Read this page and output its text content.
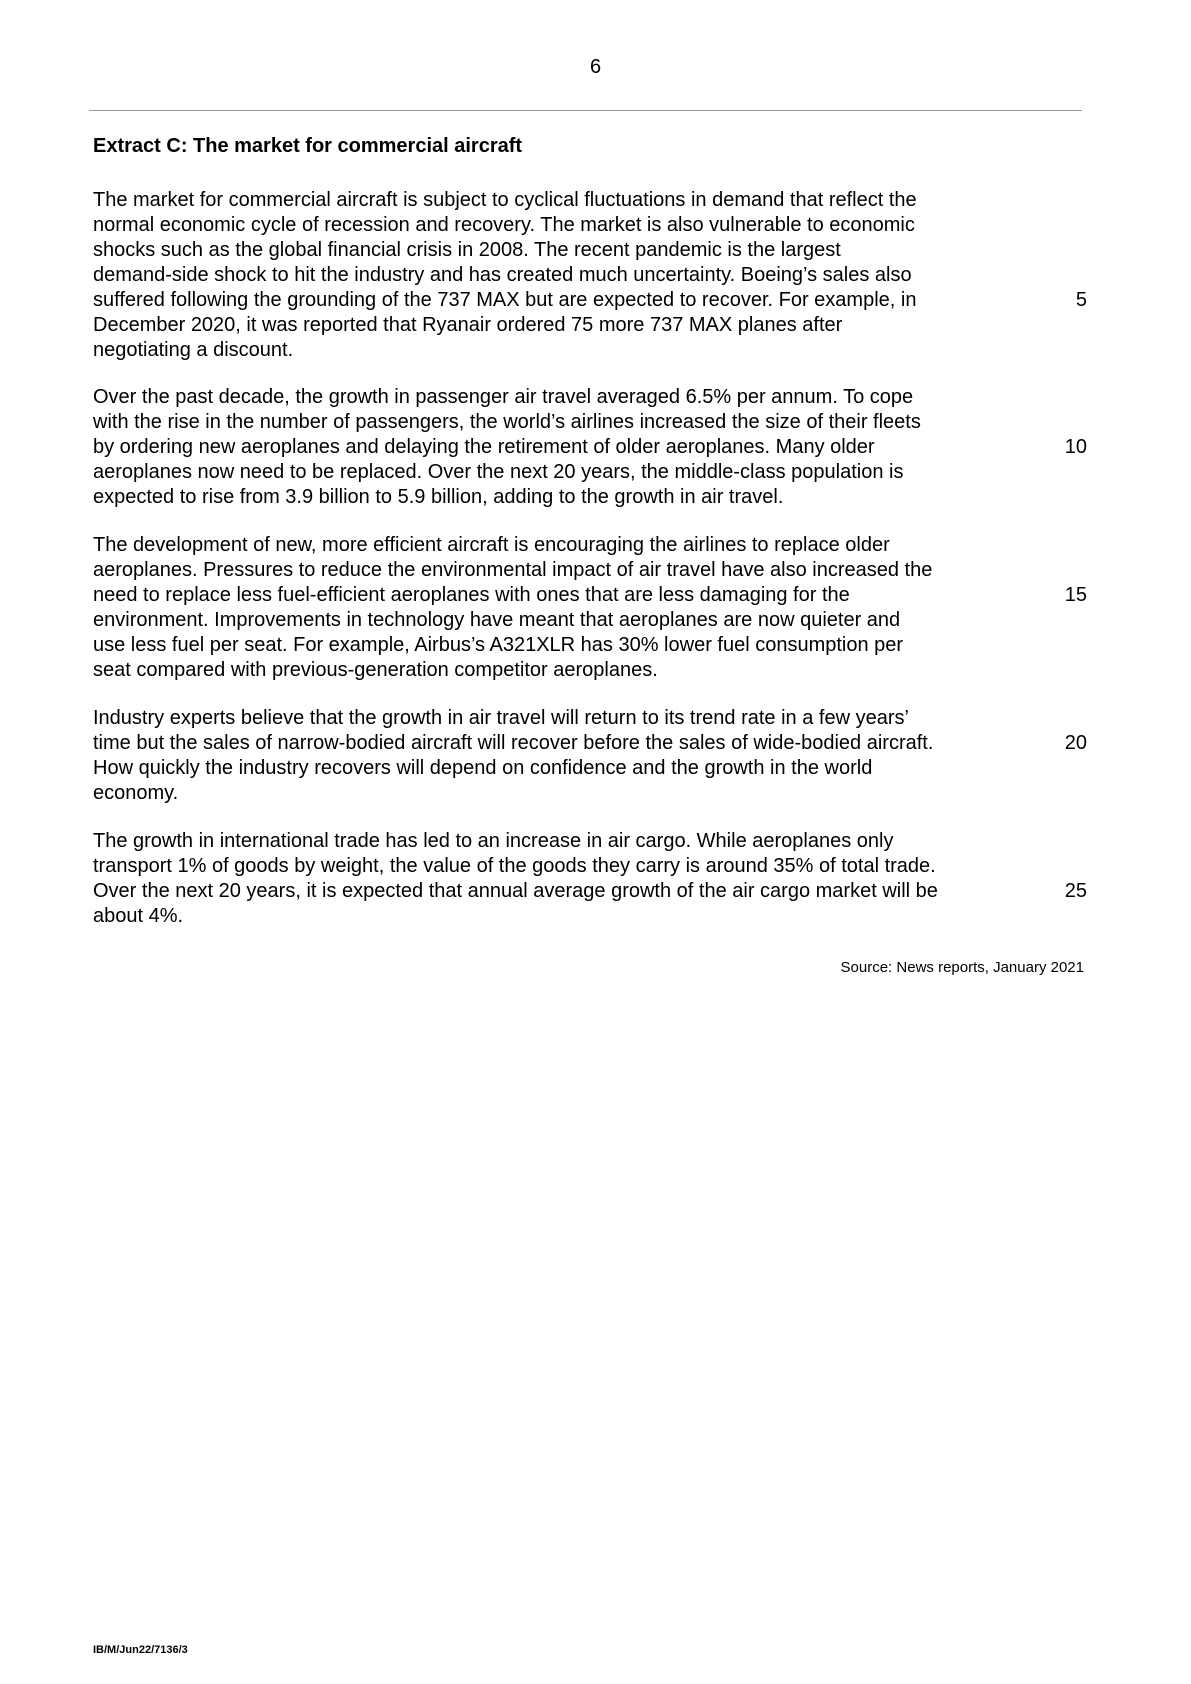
6
Extract C: The market for commercial aircraft
The market for commercial aircraft is subject to cyclical fluctuations in demand that reflect the
normal economic cycle of recession and recovery. The market is also vulnerable to economic
shocks such as the global financial crisis in 2008. The recent pandemic is the largest
demand-side shock to hit the industry and has created much uncertainty. Boeing’s sales also
suffered following the grounding of the 737 MAX but are expected to recover. For example, in	5
December 2020, it was reported that Ryanair ordered 75 more 737 MAX planes after
negotiating a discount.
Over the past decade, the growth in passenger air travel averaged 6.5% per annum. To cope
with the rise in the number of passengers, the world’s airlines increased the size of their fleets
by ordering new aeroplanes and delaying the retirement of older aeroplanes. Many older	10
aeroplanes now need to be replaced. Over the next 20 years, the middle-class population is
expected to rise from 3.9 billion to 5.9 billion, adding to the growth in air travel.
The development of new, more efficient aircraft is encouraging the airlines to replace older
aeroplanes. Pressures to reduce the environmental impact of air travel have also increased the
need to replace less fuel-efficient aeroplanes with ones that are less damaging for the	15
environment. Improvements in technology have meant that aeroplanes are now quieter and
use less fuel per seat. For example, Airbus’s A321XLR has 30% lower fuel consumption per
seat compared with previous-generation competitor aeroplanes.
Industry experts believe that the growth in air travel will return to its trend rate in a few years’
time but the sales of narrow-bodied aircraft will recover before the sales of wide-bodied aircraft.	20
How quickly the industry recovers will depend on confidence and the growth in the world
economy.
The growth in international trade has led to an increase in air cargo. While aeroplanes only
transport 1% of goods by weight, the value of the goods they carry is around 35% of total trade.
Over the next 20 years, it is expected that annual average growth of the air cargo market will be	25
about 4%.
Source: News reports, January 2021
IB/M/Jun22/7136/3
